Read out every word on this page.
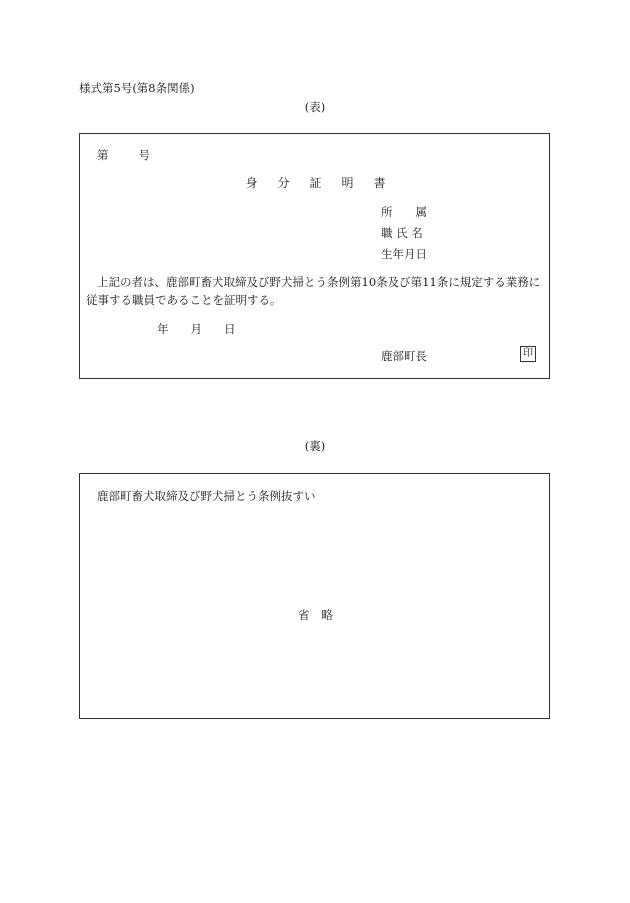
様式第5号(第8条関係)
(表)
第	号
身 分 証 明 書
所　　属
職 氏 名
生年月日
上記の者は、鹿部町畜犬取締及び野犬掃とう条例第10条及び第11条に規定する業務に従事する職員であることを証明する。
年 月 日
鹿部町長	印
(裏)
鹿部町畜犬取締及び野犬掃とう条例抜すい
省 略
